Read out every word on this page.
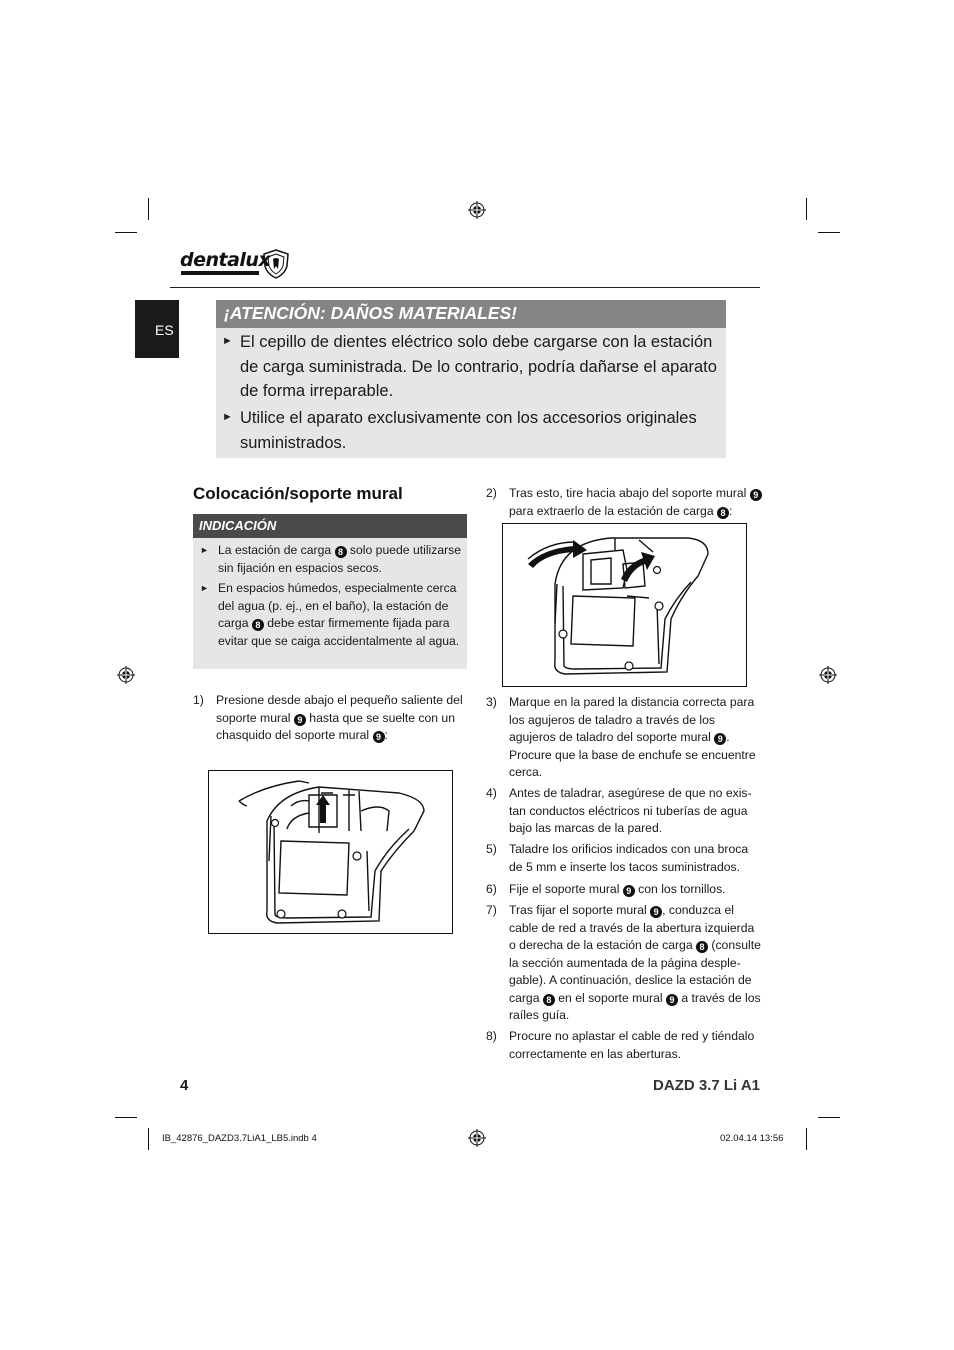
dentalux
ES
¡ATENCIÓN: DAÑOS MATERIALES!
► El cepillo de dientes eléctrico solo debe cargarse con la estación de carga suministrada. De lo contrario, podría dañarse el aparato de forma irreparable.
► Utilice el aparato exclusivamente con los accesorios originales suministrados.
Colocación/soporte mural
INDICACIÓN
► La estación de carga 8 solo puede utilizarse sin fijación en espacios secos.
► En espacios húmedos, especialmente cerca del agua (p. ej., en el baño), la estación de carga 8 debe estar firmemente fijada para evitar que se caiga accidentalmente al agua.
1) Presione desde abajo el pequeño saliente del soporte mural 9 hasta que se suelte con un chasquido del soporte mural 9 :
2) Tras esto, tire hacia abajo del soporte mural 9 para extraerlo de la estación de carga 8 :
3) Marque en la pared la distancia correcta para los agujeros de taladro a través de los agujeros de taladro del soporte mural 9 . Procure que la base de enchufe se encuentre cerca.
4) Antes de taladrar, asegúrese de que no exis- tan conductos eléctricos ni tuberías de agua bajo las marcas de la pared.
5) Taladre los orificios indicados con una broca de 5 mm e inserte los tacos suministrados.
6) Fije el soporte mural 9 con los tornillos.
7) Tras fijar el soporte mural 9 , conduzca el cable de red a través de la abertura izquierda o derecha de la estación de carga 8 (consulte la sección aumentada de la página desple- gable). A continuación, deslice la estación de carga 8 en el soporte mural 9 a través de los raíles guía.
8) Procure no aplastar el cable de red y tiéndalo correctamente en las aberturas.
4	DAZD 3.7 Li A1
IB_42876_DAZD3.7LiA1_LB5.indb 4	02.04.14 13:56
